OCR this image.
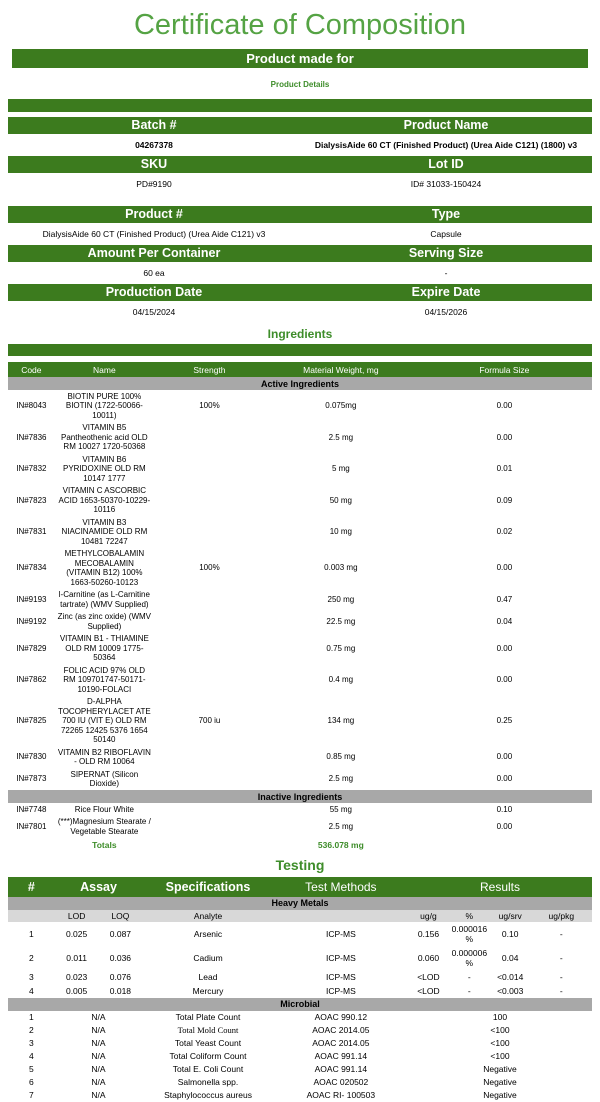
Certificate of Composition
Product made for
Product Details
Batch #	Product Name
04267378	DialysisAide 60 CT (Finished Product) (Urea Aide C121) (1800) v3
SKU	Lot ID
PD#9190	ID# 31033-150424
Product #	Type
DialysisAide 60 CT (Finished Product) (Urea Aide C121) v3	Capsule
Amount Per Container	Serving Size
60 ea	-
Production Date	Expire Date
04/15/2024	04/15/2026
Ingredients
Code	Name	Strength	Material Weight, mg	Formula Size
Active Ingredients				
IN#8043	BIOTIN PURE 100% BIOTIN (1722-50066-10011)	100%	0.075mg	0.00
IN#7836	VITAMIN B5 Pantheothenic acid OLD RM 10027 1720-50368		2.5 mg	0.00
IN#7832	VITAMIN B6 PYRIDOXINE OLD RM 10147 1777		5 mg	0.01
IN#7823	VITAMIN C ASCORBIC ACID 1653-50370-10229-10116		50 mg	0.09
IN#7831	VITAMIN B3 NIACINAMIDE OLD RM 10481 72247		10 mg	0.02
IN#7834	METHYLCOBALAMIN MECOBALAMIN (VITAMIN B12) 100% 1663-50260-10123	100%	0.003 mg	0.00
IN#9193	l-Carnitine (as L-Carnitine tartrate) (WMV Supplied)		250 mg	0.47
IN#9192	Zinc (as zinc oxide) (WMV Supplied)		22.5 mg	0.04
IN#7829	VITAMIN B1 - THIAMINE OLD RM 10009 1775-50364		0.75 mg	0.00
IN#7862	FOLIC ACID 97% OLD RM 109701747-50171-10190-FOLACI		0.4 mg	0.00
IN#7825	D-ALPHA TOCOPHERYLACET ATE 700 IU (VIT E) OLD RM 72265 12425 5376 1654 50140	700 iu	134 mg	0.25
IN#7830	VITAMIN B2 RIBOFLAVIN - OLD RM 10064		0.85 mg	0.00
IN#7873	SIPERNAT (Silicon Dioxide)		2.5 mg	0.00
Inactive Ingredients				
IN#7748	Rice Flour White		55 mg	0.10
IN#7801	(***)Magnesium Stearate / Vegetable Stearate		2.5 mg	0.00
	Totals		536.078 mg	
Testing
#	Assay		Specifications	Test Methods	Results			
Heavy Metals								
	LOD	LOQ	Analyte		ug/g	%	ug/srv	ug/pkg
1	0.025	0.087	Arsenic	ICP-MS	0.156	0.000016 %	0.10	-
2	0.011	0.036	Cadium	ICP-MS	0.060	0.000006 %	0.04	-
3	0.023	0.076	Lead	ICP-MS	<LOD	-	<0.014	-
4	0.005	0.018	Mercury	ICP-MS	<LOD	-	<0.003	-
Microbial								
1	N/A		Total Plate Count	AOAC 990.12	100			
2	N/A		Total Mold Count	AOAC 2014.05	<100			
3	N/A		Total Yeast Count	AOAC 2014.05	<100			
4	N/A		Total Coliform Count	AOAC 991.14	<100			
5	N/A		Total E. Coli Count	AOAC 991.14	Negative			
6	N/A		Salmonella spp.	AOAC 020502	Negative			
7	N/A		Staphylococcus aureus	AOAC RI- 100503	Negative			
